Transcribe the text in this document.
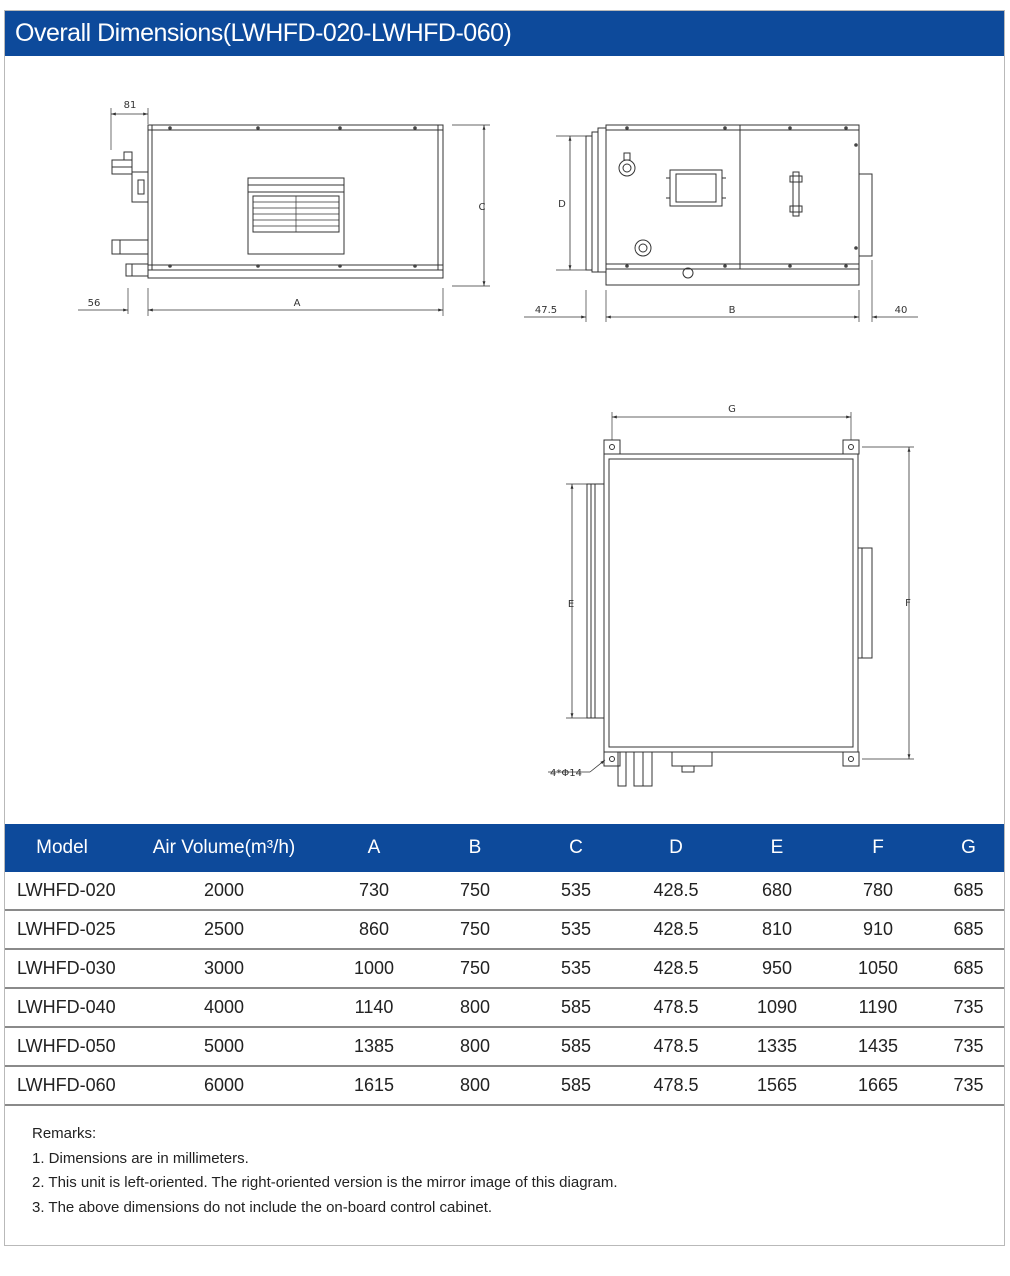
Overall Dimensions(LWHFD-020-LWHFD-060)
81
56	A
C	D
47.5	B	40
G
E	F
4*Φ14
Model	Air Volume(m³/h)	A	B	C	D	E	F	G
LWHFD-020	2000	730	750	535	428.5	680	780	685
LWHFD-025	2500	860	750	535	428.5	810	910	685
LWHFD-030	3000	1000	750	535	428.5	950	1050	685
LWHFD-040	4000	1140	800	585	478.5	1090	1190	735
LWHFD-050	5000	1385	800	585	478.5	1335	1435	735
LWHFD-060	6000	1615	800	585	478.5	1565	1665	735
Remarks:
1. Dimensions are in millimeters.
2. This unit is left-oriented. The right-oriented version is the mirror image of this diagram.
3. The above dimensions do not include the on-board control cabinet.
